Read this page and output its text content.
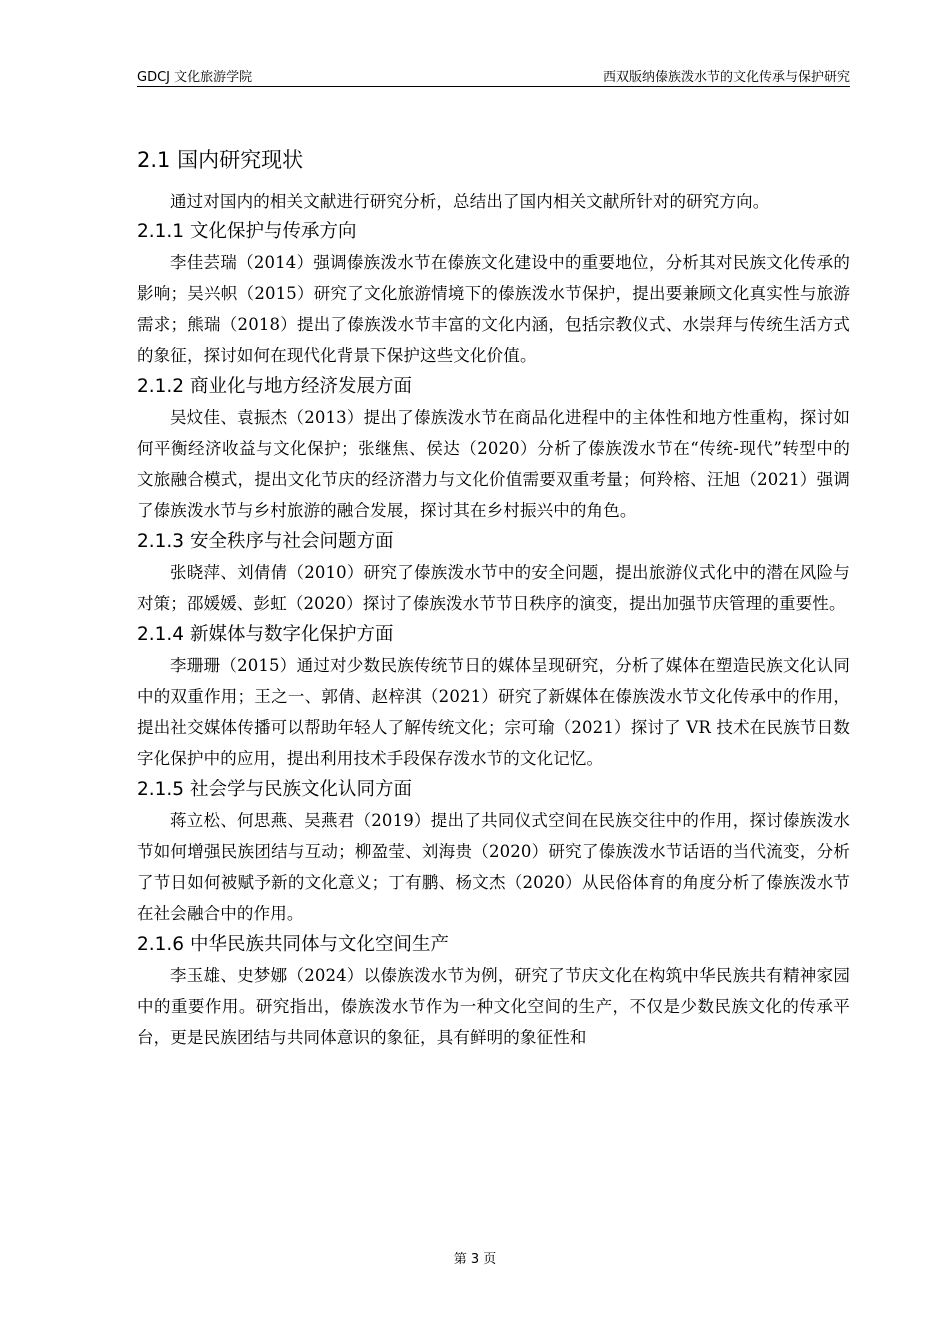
GDCJ 文化旅游学院	西双版纳傣族泼水节的文化传承与保护研究
2.1 国内研究现状

通过对国内的相关文献进行研究分析，总结出了国内相关文献所针对的研究方向。

2.1.1 文化保护与传承方向

李佳芸瑞（2014）强调傣族泼水节在傣族文化建设中的重要地位，分析其对民族文化传承的影响；吴兴帜（2015）研究了文化旅游情境下的傣族泼水节保护，提出要兼顾文化真实性与旅游需求；熊瑞（2018）提出了傣族泼水节丰富的文化内涵，包括宗教仪式、水崇拜与传统生活方式的象征，探讨如何在现代化背景下保护这些文化价值。

2.1.2 商业化与地方经济发展方面

吴炆佳、袁振杰（2013）提出了傣族泼水节在商品化进程中的主体性和地方性重构，探讨如何平衡经济收益与文化保护；张继焦、侯达（2020）分析了傣族泼水节在“传统-现代”转型中的文旅融合模式，提出文化节庆的经济潜力与文化价值需要双重考量；何羚榕、汪旭（2021）强调了傣族泼水节与乡村旅游的融合发展，探讨其在乡村振兴中的角色。

2.1.3 安全秩序与社会问题方面

张晓萍、刘倩倩（2010）研究了傣族泼水节中的安全问题，提出旅游仪式化中的潜在风险与对策；邵媛媛、彭虹（2020）探讨了傣族泼水节节日秩序的演变，提出加强节庆管理的重要性。

2.1.4 新媒体与数字化保护方面

李珊珊（2015）通过对少数民族传统节日的媒体呈现研究，分析了媒体在塑造民族文化认同中的双重作用；王之一、郭倩、赵梓淇（2021）研究了新媒体在傣族泼水节文化传承中的作用，提出社交媒体传播可以帮助年轻人了解传统文化；宗可瑜（2021）探讨了 VR 技术在民族节日数字化保护中的应用，提出利用技术手段保存泼水节的文化记忆。

2.1.5 社会学与民族文化认同方面

蒋立松、何思燕、吴燕君（2019）提出了共同仪式空间在民族交往中的作用，探讨傣族泼水节如何增强民族团结与互动；柳盈莹、刘海贵（2020）研究了傣族泼水节话语的当代流变，分析了节日如何被赋予新的文化意义；丁有鹏、杨文杰（2020）从民俗体育的角度分析了傣族泼水节在社会融合中的作用。

2.1.6 中华民族共同体与文化空间生产

李玉雄、史梦娜（2024）以傣族泼水节为例，研究了节庆文化在构筑中华民族共有精神家园中的重要作用。研究指出，傣族泼水节作为一种文化空间的生产，不仅是少数民族文化的传承平台，更是民族团结与共同体意识的象征，具有鲜明的象征性和

第 3 页
